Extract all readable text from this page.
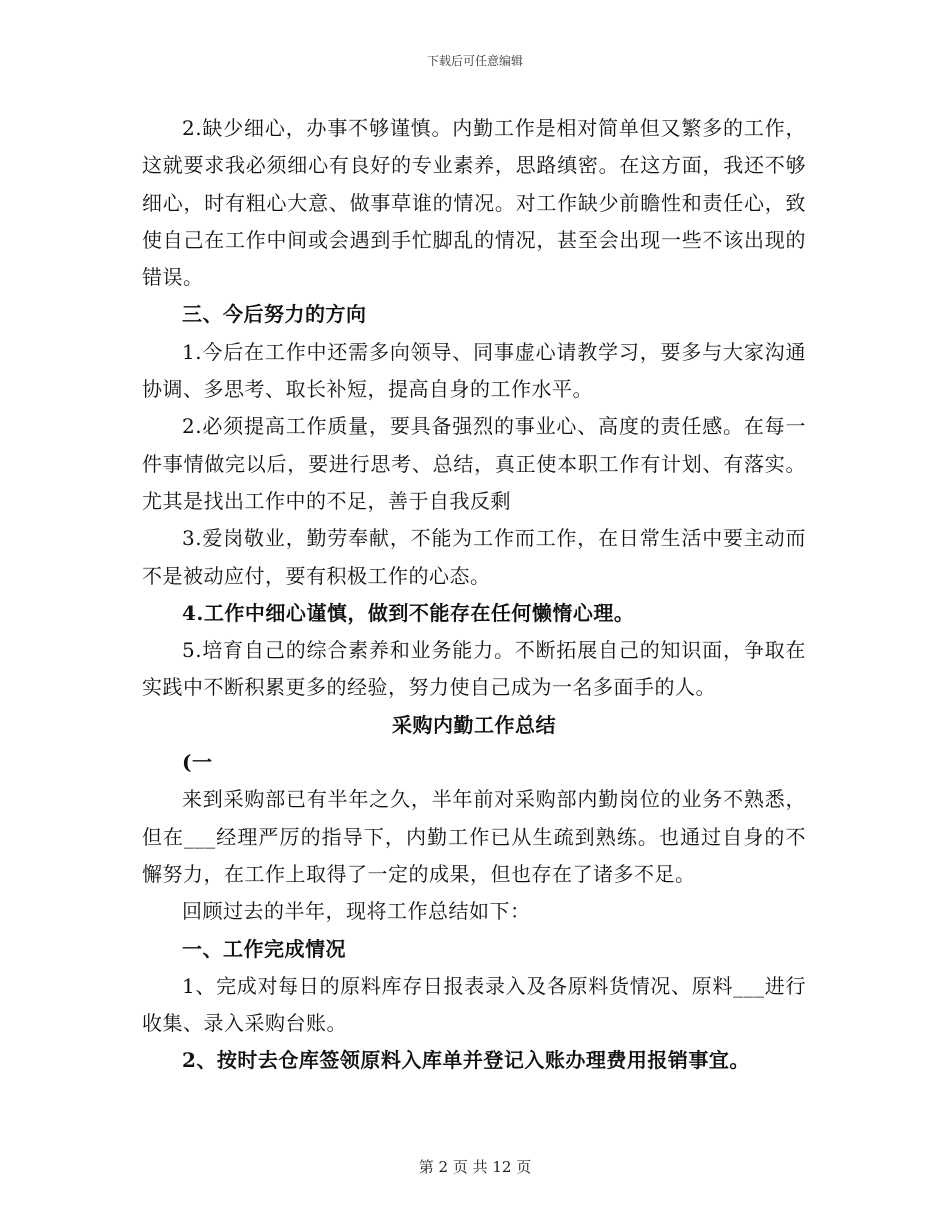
下载后可任意编辑

2.缺少细心，办事不够谨慎。内勤工作是相对简单但又繁多的工作，这就要求我必须细心有良好的专业素养，思路缜密。在这方面，我还不够细心，时有粗心大意、做事草谁的情况。对工作缺少前瞻性和责任心，致使自己在工作中间或会遇到手忙脚乱的情况，甚至会出现一些不该出现的错误。

三、今后努力的方向

1.今后在工作中还需多向领导、同事虚心请教学习，要多与大家沟通协调、多思考、取长补短，提高自身的工作水平。

2.必须提高工作质量，要具备强烈的事业心、高度的责任感。在每一件事情做完以后，要进行思考、总结，真正使本职工作有计划、有落实。尤其是找出工作中的不足，善于自我反剩

3.爱岗敬业，勤劳奉献，不能为工作而工作，在日常生活中要主动而不是被动应付，要有积极工作的心态。

4.工作中细心谨慎，做到不能存在任何懒惰心理。

5.培育自己的综合素养和业务能力。不断拓展自己的知识面，争取在实践中不断积累更多的经验，努力使自己成为一名多面手的人。

采购内勤工作总结

(一

来到采购部已有半年之久，半年前对采购部内勤岗位的业务不熟悉，但在___经理严厉的指导下，内勤工作已从生疏到熟练。也通过自身的不懈努力，在工作上取得了一定的成果，但也存在了诸多不足。

回顾过去的半年，现将工作总结如下：

一、工作完成情况

1、完成对每日的原料库存日报表录入及各原料货情况、原料___进行收集、录入采购台账。

2、按时去仓库签领原料入库单并登记入账办理费用报销事宜。

第 2 页 共 12 页
